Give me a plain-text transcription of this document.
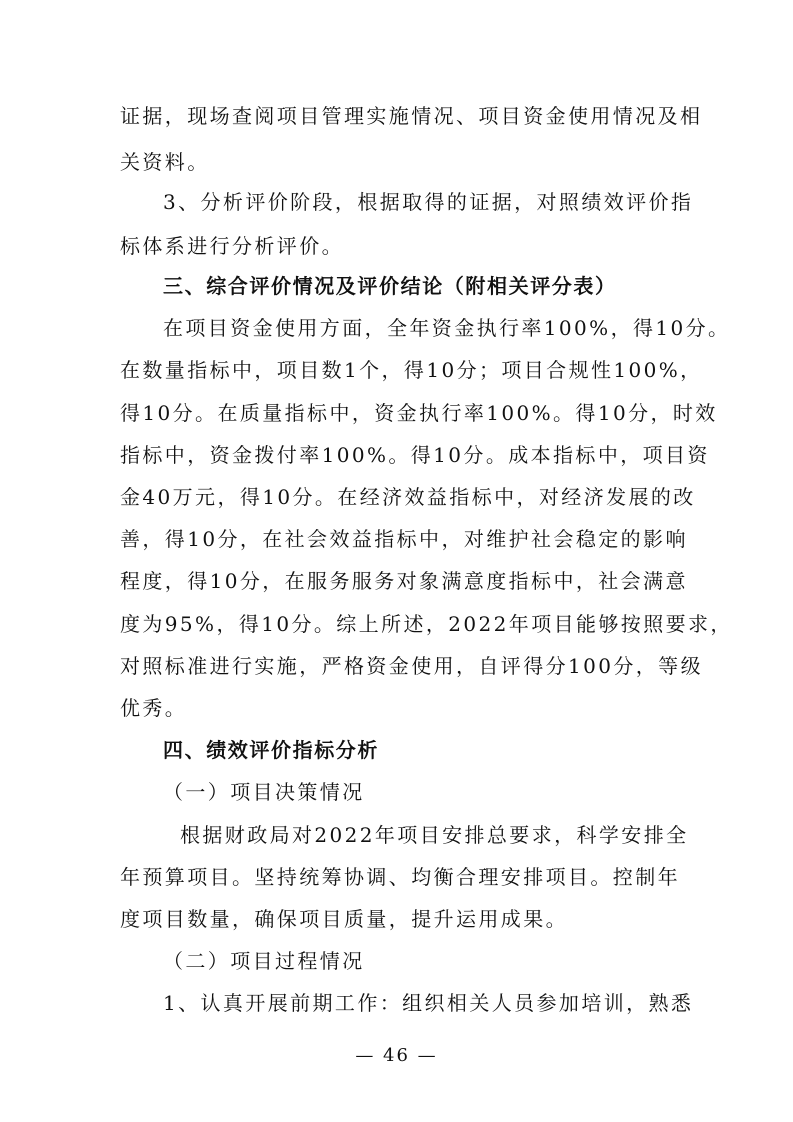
证据，现场查阅项目管理实施情况、项目资金使用情况及相
关资料。
3、分析评价阶段，根据取得的证据，对照绩效评价指
标体系进行分析评价。
三、综合评价情况及评价结论（附相关评分表）
在项目资金使用方面，全年资金执行率100%，得10分。
在数量指标中，项目数1个，得10分；项目合规性100%，
得10分。在质量指标中，资金执行率100%。得10分，时效
指标中，资金拨付率100%。得10分。成本指标中，项目资
金40万元，得10分。在经济效益指标中，对经济发展的改
善，得10分，在社会效益指标中，对维护社会稳定的影响
程度，得10分，在服务服务对象满意度指标中，社会满意
度为95%，得10分。综上所述，2022年项目能够按照要求，
对照标准进行实施，严格资金使用，自评得分100分，等级
优秀。
四、绩效评价指标分析
（一）项目决策情况
根据财政局对2022年项目安排总要求，科学安排全
年预算项目。坚持统筹协调、均衡合理安排项目。控制年
度项目数量，确保项目质量，提升运用成果。
（二）项目过程情况
1、认真开展前期工作：组织相关人员参加培训，熟悉
— 46 —
